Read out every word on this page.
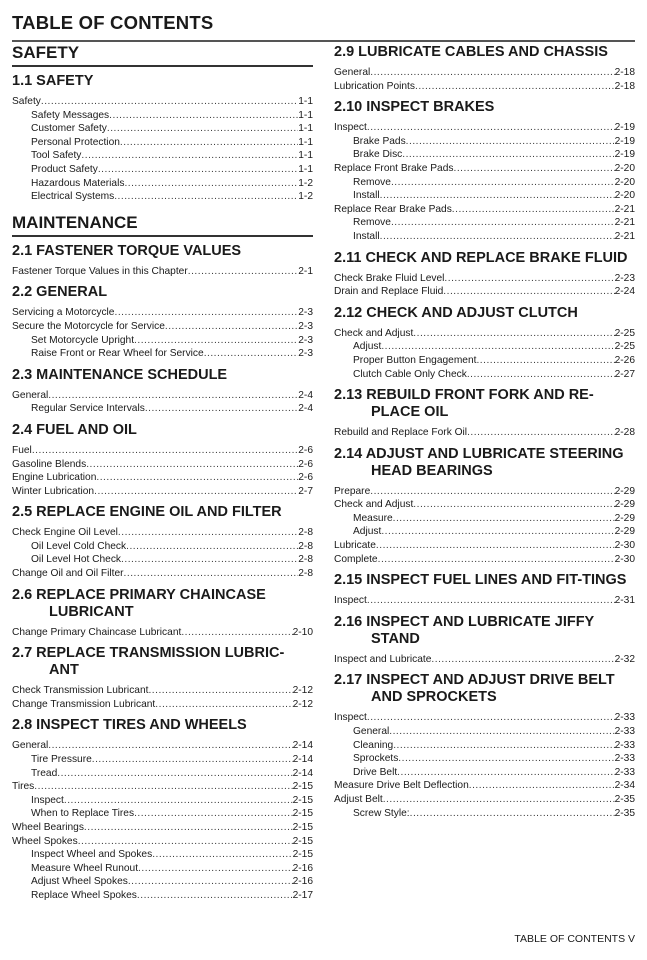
TABLE OF CONTENTS
SAFETY
1.1 SAFETY
Safety .....	1-1
Safety Messages .....	1-1
Customer Safety .....	1-1
Personal Protection .....	1-1
Tool Safety .....	1-1
Product Safety .....	1-1
Hazardous Materials .....	1-2
Electrical Systems .....	1-2
MAINTENANCE
2.1 FASTENER TORQUE VALUES
Fastener Torque Values in this Chapter .....	2-1
2.2 GENERAL
Servicing a Motorcycle .....	2-3
Secure the Motorcycle for Service .....	2-3
Set Motorcycle Upright .....	2-3
Raise Front or Rear Wheel for Service .....	2-3
2.3 MAINTENANCE SCHEDULE
General .....	2-4
Regular Service Intervals .....	2-4
2.4 FUEL AND OIL
Fuel .....	2-6
Gasoline Blends .....	2-6
Engine Lubrication .....	2-6
Winter Lubrication .....	2-7
2.5 REPLACE ENGINE OIL AND FILTER
Check Engine Oil Level .....	2-8
Oil Level Cold Check .....	2-8
Oil Level Hot Check .....	2-8
Change Oil and Oil Filter .....	2-8
2.6 REPLACE PRIMARY CHAINCASE LUBRICANT
Change Primary Chaincase Lubricant .....	2-10
2.7 REPLACE TRANSMISSION LUBRIC-ANT
Check Transmission Lubricant .....	2-12
Change Transmission Lubricant .....	2-12
2.8 INSPECT TIRES AND WHEELS
General .....	2-14
Tire Pressure .....	2-14
Tread .....	2-14
Tires .....	2-15
Inspect .....	2-15
When to Replace Tires .....	2-15
Wheel Bearings .....	2-15
Wheel Spokes .....	2-15
Inspect Wheel and Spokes .....	2-15
Measure Wheel Runout .....	2-16
Adjust Wheel Spokes .....	2-16
Replace Wheel Spokes .....	2-17
2.9 LUBRICATE CABLES AND CHASSIS
General .....	2-18
Lubrication Points .....	2-18
2.10 INSPECT BRAKES
Inspect .....	2-19
Brake Pads .....	2-19
Brake Disc .....	2-19
Replace Front Brake Pads .....	2-20
Remove .....	2-20
Install .....	2-20
Replace Rear Brake Pads .....	2-21
Remove .....	2-21
Install .....	2-21
2.11 CHECK AND REPLACE BRAKE FLUID
Check Brake Fluid Level .....	2-23
Drain and Replace Fluid .....	2-24
2.12 CHECK AND ADJUST CLUTCH
Check and Adjust .....	2-25
Adjust .....	2-25
Proper Button Engagement .....	2-26
Clutch Cable Only Check .....	2-27
2.13 REBUILD FRONT FORK AND RE-PLACE OIL
Rebuild and Replace Fork Oil .....	2-28
2.14 ADJUST AND LUBRICATE STEERING HEAD BEARINGS
Prepare .....	2-29
Check and Adjust .....	2-29
Measure .....	2-29
Adjust .....	2-29
Lubricate .....	2-30
Complete .....	2-30
2.15 INSPECT FUEL LINES AND FIT-TINGS
Inspect .....	2-31
2.16 INSPECT AND LUBRICATE JIFFY STAND
Inspect and Lubricate .....	2-32
2.17 INSPECT AND ADJUST DRIVE BELT AND SPROCKETS
Inspect .....	2-33
General .....	2-33
Cleaning .....	2-33
Sprockets .....	2-33
Drive Belt .....	2-33
Measure Drive Belt Deflection .....	2-34
Adjust Belt .....	2-35
Screw Style: .....	2-35
TABLE OF CONTENTS V
